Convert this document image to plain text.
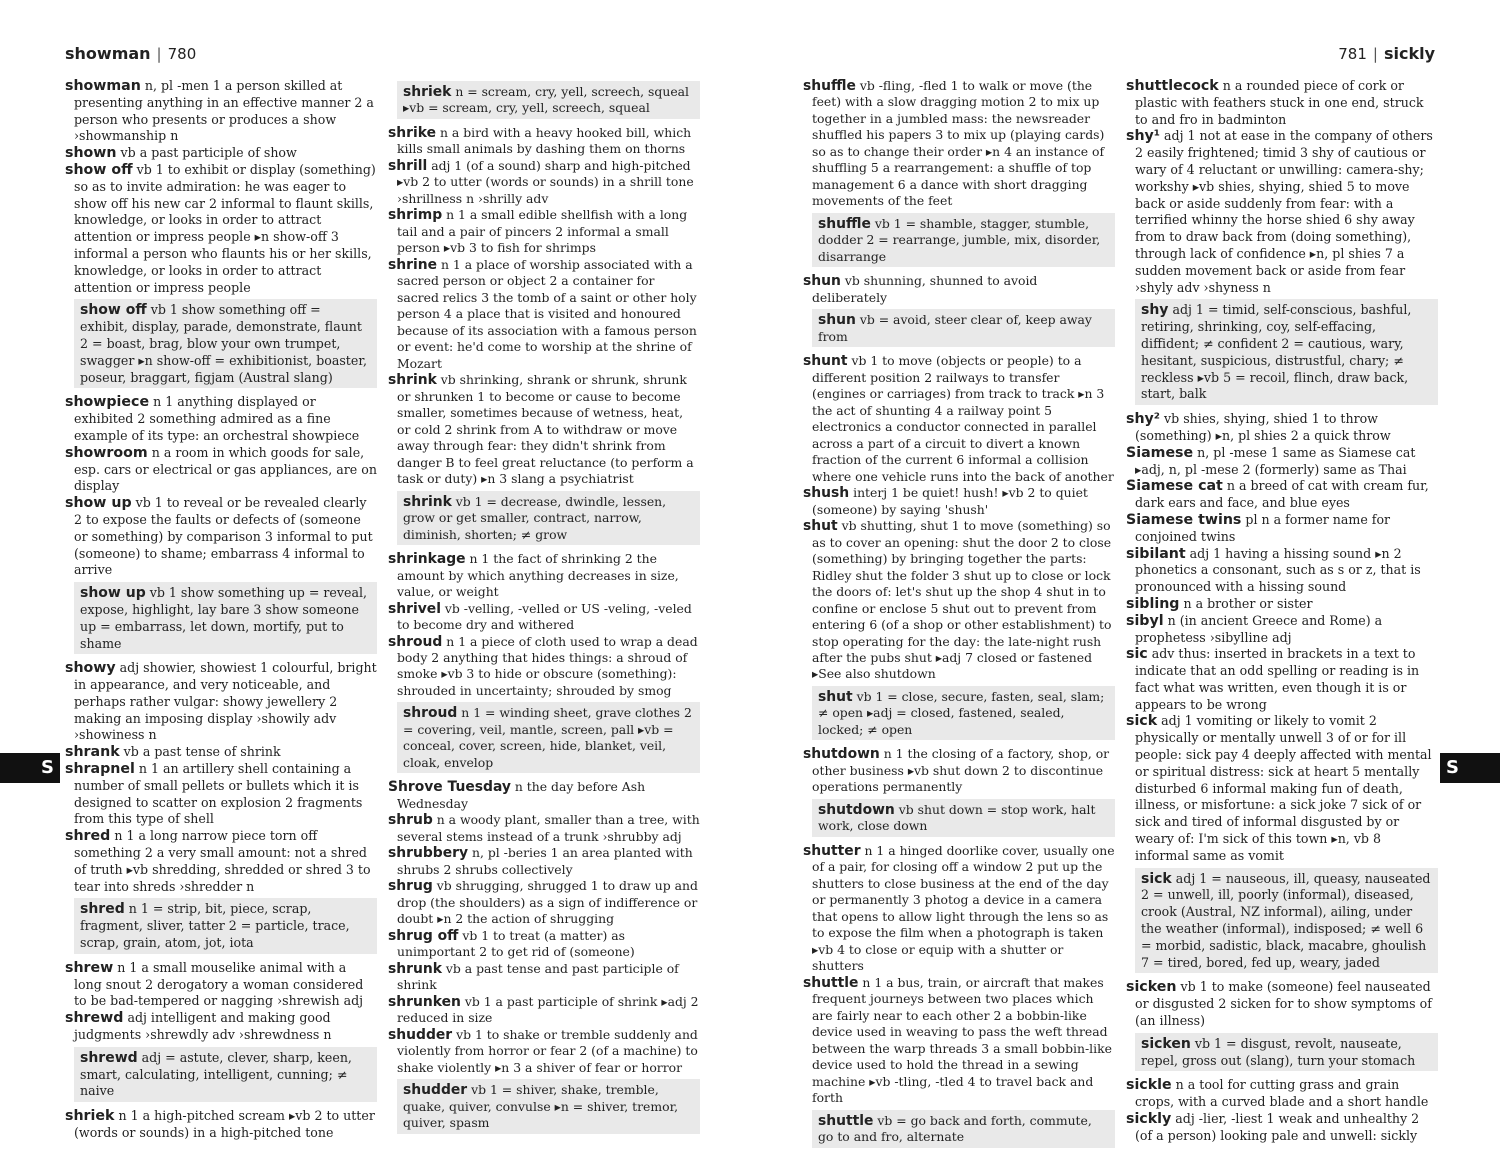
showman | 780	781 | sickly
S	S
showman n, pl -men 1 a person skilled at presenting anything in an effective manner 2 a person who presents or produces a show ›showmanship n
shown vb a past participle of show
show off vb 1 to exhibit or display (something) so as to invite admiration: he was eager to show off his new car 2 informal to flaunt skills, knowledge, or looks in order to attract attention or impress people ▸n show-off 3 informal a person who flaunts his or her skills, knowledge, or looks in order to attract attention or impress people
show off vb 1 show something off = exhibit, display, parade, demonstrate, flaunt 2 = boast, brag, blow your own trumpet, swagger ▸n show-off = exhibitionist, boaster, poseur, braggart, figjam (Austral slang)
showpiece n 1 anything displayed or exhibited 2 something admired as a fine example of its type: an orchestral showpiece
showroom n a room in which goods for sale, esp. cars or electrical or gas appliances, are on display
show up vb 1 to reveal or be revealed clearly 2 to expose the faults or defects of (someone or something) by comparison 3 informal to put (someone) to shame; embarrass 4 informal to arrive
show up vb 1 show something up = reveal, expose, highlight, lay bare 3 show someone up = embarrass, let down, mortify, put to shame
showy adj showier, showiest 1 colourful, bright in appearance, and very noticeable, and perhaps rather vulgar: showy jewellery 2 making an imposing display ›showily adv ›showiness n
shrank vb a past tense of shrink
shrapnel n 1 an artillery shell containing a number of small pellets or bullets which it is designed to scatter on explosion 2 fragments from this type of shell
shred n 1 a long narrow piece torn off something 2 a very small amount: not a shred of truth ▸vb shredding, shredded or shred 3 to tear into shreds ›shredder n
shred n 1 = strip, bit, piece, scrap, fragment, sliver, tatter 2 = particle, trace, scrap, grain, atom, jot, iota
shrew n 1 a small mouselike animal with a long snout 2 derogatory a woman considered to be bad-tempered or nagging ›shrewish adj
shrewd adj intelligent and making good judgments ›shrewdly adv ›shrewdness n
shrewd adj = astute, clever, sharp, keen, smart, calculating, intelligent, cunning; ≠ naive
shriek n 1 a high-pitched scream ▸vb 2 to utter (words or sounds) in a high-pitched tone
shriek n = scream, cry, yell, screech, squeal ▸vb = scream, cry, yell, screech, squeal
shrike n a bird with a heavy hooked bill, which kills small animals by dashing them on thorns
shrill adj 1 (of a sound) sharp and high-pitched ▸vb 2 to utter (words or sounds) in a shrill tone ›shrillness n ›shrilly adv
shrimp n 1 a small edible shellfish with a long tail and a pair of pincers 2 informal a small person ▸vb 3 to fish for shrimps
shrine n 1 a place of worship associated with a sacred person or object 2 a container for sacred relics 3 the tomb of a saint or other holy person 4 a place that is visited and honoured because of its association with a famous person or event: he'd come to worship at the shrine of Mozart
shrink vb shrinking, shrank or shrunk, shrunk or shrunken 1 to become or cause to become smaller, sometimes because of wetness, heat, or cold 2 shrink from A to withdraw or move away through fear: they didn't shrink from danger B to feel great reluctance (to perform a task or duty) ▸n 3 slang a psychiatrist
shrink vb 1 = decrease, dwindle, lessen, grow or get smaller, contract, narrow, diminish, shorten; ≠ grow
shrinkage n 1 the fact of shrinking 2 the amount by which anything decreases in size, value, or weight
shrivel vb -velling, -velled or US -veling, -veled to become dry and withered
shroud n 1 a piece of cloth used to wrap a dead body 2 anything that hides things: a shroud of smoke ▸vb 3 to hide or obscure (something): shrouded in uncertainty; shrouded by smog
shroud n 1 = winding sheet, grave clothes 2 = covering, veil, mantle, screen, pall ▸vb = conceal, cover, screen, hide, blanket, veil, cloak, envelop
Shrove Tuesday n the day before Ash Wednesday
shrub n a woody plant, smaller than a tree, with several stems instead of a trunk ›shrubby adj
shrubbery n, pl -beries 1 an area planted with shrubs 2 shrubs collectively
shrug vb shrugging, shrugged 1 to draw up and drop (the shoulders) as a sign of indifference or doubt ▸n 2 the action of shrugging
shrug off vb 1 to treat (a matter) as unimportant 2 to get rid of (someone)
shrunk vb a past tense and past participle of shrink
shrunken vb 1 a past participle of shrink ▸adj 2 reduced in size
shudder vb 1 to shake or tremble suddenly and violently from horror or fear 2 (of a machine) to shake violently ▸n 3 a shiver of fear or horror
shudder vb 1 = shiver, shake, tremble, quake, quiver, convulse ▸n = shiver, tremor, quiver, spasm
shuffle vb -fling, -fled 1 to walk or move (the feet) with a slow dragging motion 2 to mix up together in a jumbled mass: the newsreader shuffled his papers 3 to mix up (playing cards) so as to change their order ▸n 4 an instance of shuffling 5 a rearrangement: a shuffle of top management 6 a dance with short dragging movements of the feet
shuffle vb 1 = shamble, stagger, stumble, dodder 2 = rearrange, jumble, mix, disorder, disarrange
shun vb shunning, shunned to avoid deliberately
shun vb = avoid, steer clear of, keep away from
shunt vb 1 to move (objects or people) to a different position 2 railways to transfer (engines or carriages) from track to track ▸n 3 the act of shunting 4 a railway point 5 electronics a conductor connected in parallel across a part of a circuit to divert a known fraction of the current 6 informal a collision where one vehicle runs into the back of another
shush interj 1 be quiet! hush! ▸vb 2 to quiet (someone) by saying 'shush'
shut vb shutting, shut 1 to move (something) so as to cover an opening: shut the door 2 to close (something) by bringing together the parts: Ridley shut the folder 3 shut up to close or lock the doors of: let's shut up the shop 4 shut in to confine or enclose 5 shut out to prevent from entering 6 (of a shop or other establishment) to stop operating for the day: the late-night rush after the pubs shut ▸adj 7 closed or fastened ▸See also shutdown
shut vb 1 = close, secure, fasten, seal, slam; ≠ open ▸adj = closed, fastened, sealed, locked; ≠ open
shutdown n 1 the closing of a factory, shop, or other business ▸vb shut down 2 to discontinue operations permanently
shutdown vb shut down = stop work, halt work, close down
shutter n 1 a hinged doorlike cover, usually one of a pair, for closing off a window 2 put up the shutters to close business at the end of the day or permanently 3 photog a device in a camera that opens to allow light through the lens so as to expose the film when a photograph is taken ▸vb 4 to close or equip with a shutter or shutters
shuttle n 1 a bus, train, or aircraft that makes frequent journeys between two places which are fairly near to each other 2 a bobbin-like device used in weaving to pass the weft thread between the warp threads 3 a small bobbin-like device used to hold the thread in a sewing machine ▸vb -tling, -tled 4 to travel back and forth
shuttle vb = go back and forth, commute, go to and fro, alternate
shuttlecock n a rounded piece of cork or plastic with feathers stuck in one end, struck to and fro in badminton
shy¹ adj 1 not at ease in the company of others 2 easily frightened; timid 3 shy of cautious or wary of 4 reluctant or unwilling: camera-shy; workshy ▸vb shies, shying, shied 5 to move back or aside suddenly from fear: with a terrified whinny the horse shied 6 shy away from to draw back from (doing something), through lack of confidence ▸n, pl shies 7 a sudden movement back or aside from fear ›shyly adv ›shyness n
shy adj 1 = timid, self-conscious, bashful, retiring, shrinking, coy, self-effacing, diffident; ≠ confident 2 = cautious, wary, hesitant, suspicious, distrustful, chary; ≠ reckless ▸vb 5 = recoil, flinch, draw back, start, balk
shy² vb shies, shying, shied 1 to throw (something) ▸n, pl shies 2 a quick throw
Siamese n, pl -mese 1 same as Siamese cat ▸adj, n, pl -mese 2 (formerly) same as Thai
Siamese cat n a breed of cat with cream fur, dark ears and face, and blue eyes
Siamese twins pl n a former name for conjoined twins
sibilant adj 1 having a hissing sound ▸n 2 phonetics a consonant, such as s or z, that is pronounced with a hissing sound
sibling n a brother or sister
sibyl n (in ancient Greece and Rome) a prophetess ›sibylline adj
sic adv thus: inserted in brackets in a text to indicate that an odd spelling or reading is in fact what was written, even though it is or appears to be wrong
sick adj 1 vomiting or likely to vomit 2 physically or mentally unwell 3 of or for ill people: sick pay 4 deeply affected with mental or spiritual distress: sick at heart 5 mentally disturbed 6 informal making fun of death, illness, or misfortune: a sick joke 7 sick of or sick and tired of informal disgusted by or weary of: I'm sick of this town ▸n, vb 8 informal same as vomit
sick adj 1 = nauseous, ill, queasy, nauseated 2 = unwell, ill, poorly (informal), diseased, crook (Austral, NZ informal), ailing, under the weather (informal), indisposed; ≠ well 6 = morbid, sadistic, black, macabre, ghoulish 7 = tired, bored, fed up, weary, jaded
sicken vb 1 to make (someone) feel nauseated or disgusted 2 sicken for to show symptoms of (an illness)
sicken vb 1 = disgust, revolt, nauseate, repel, gross out (slang), turn your stomach
sickle n a tool for cutting grass and grain crops, with a curved blade and a short handle
sickly adj -lier, -liest 1 weak and unhealthy 2 (of a person) looking pale and unwell: sickly
